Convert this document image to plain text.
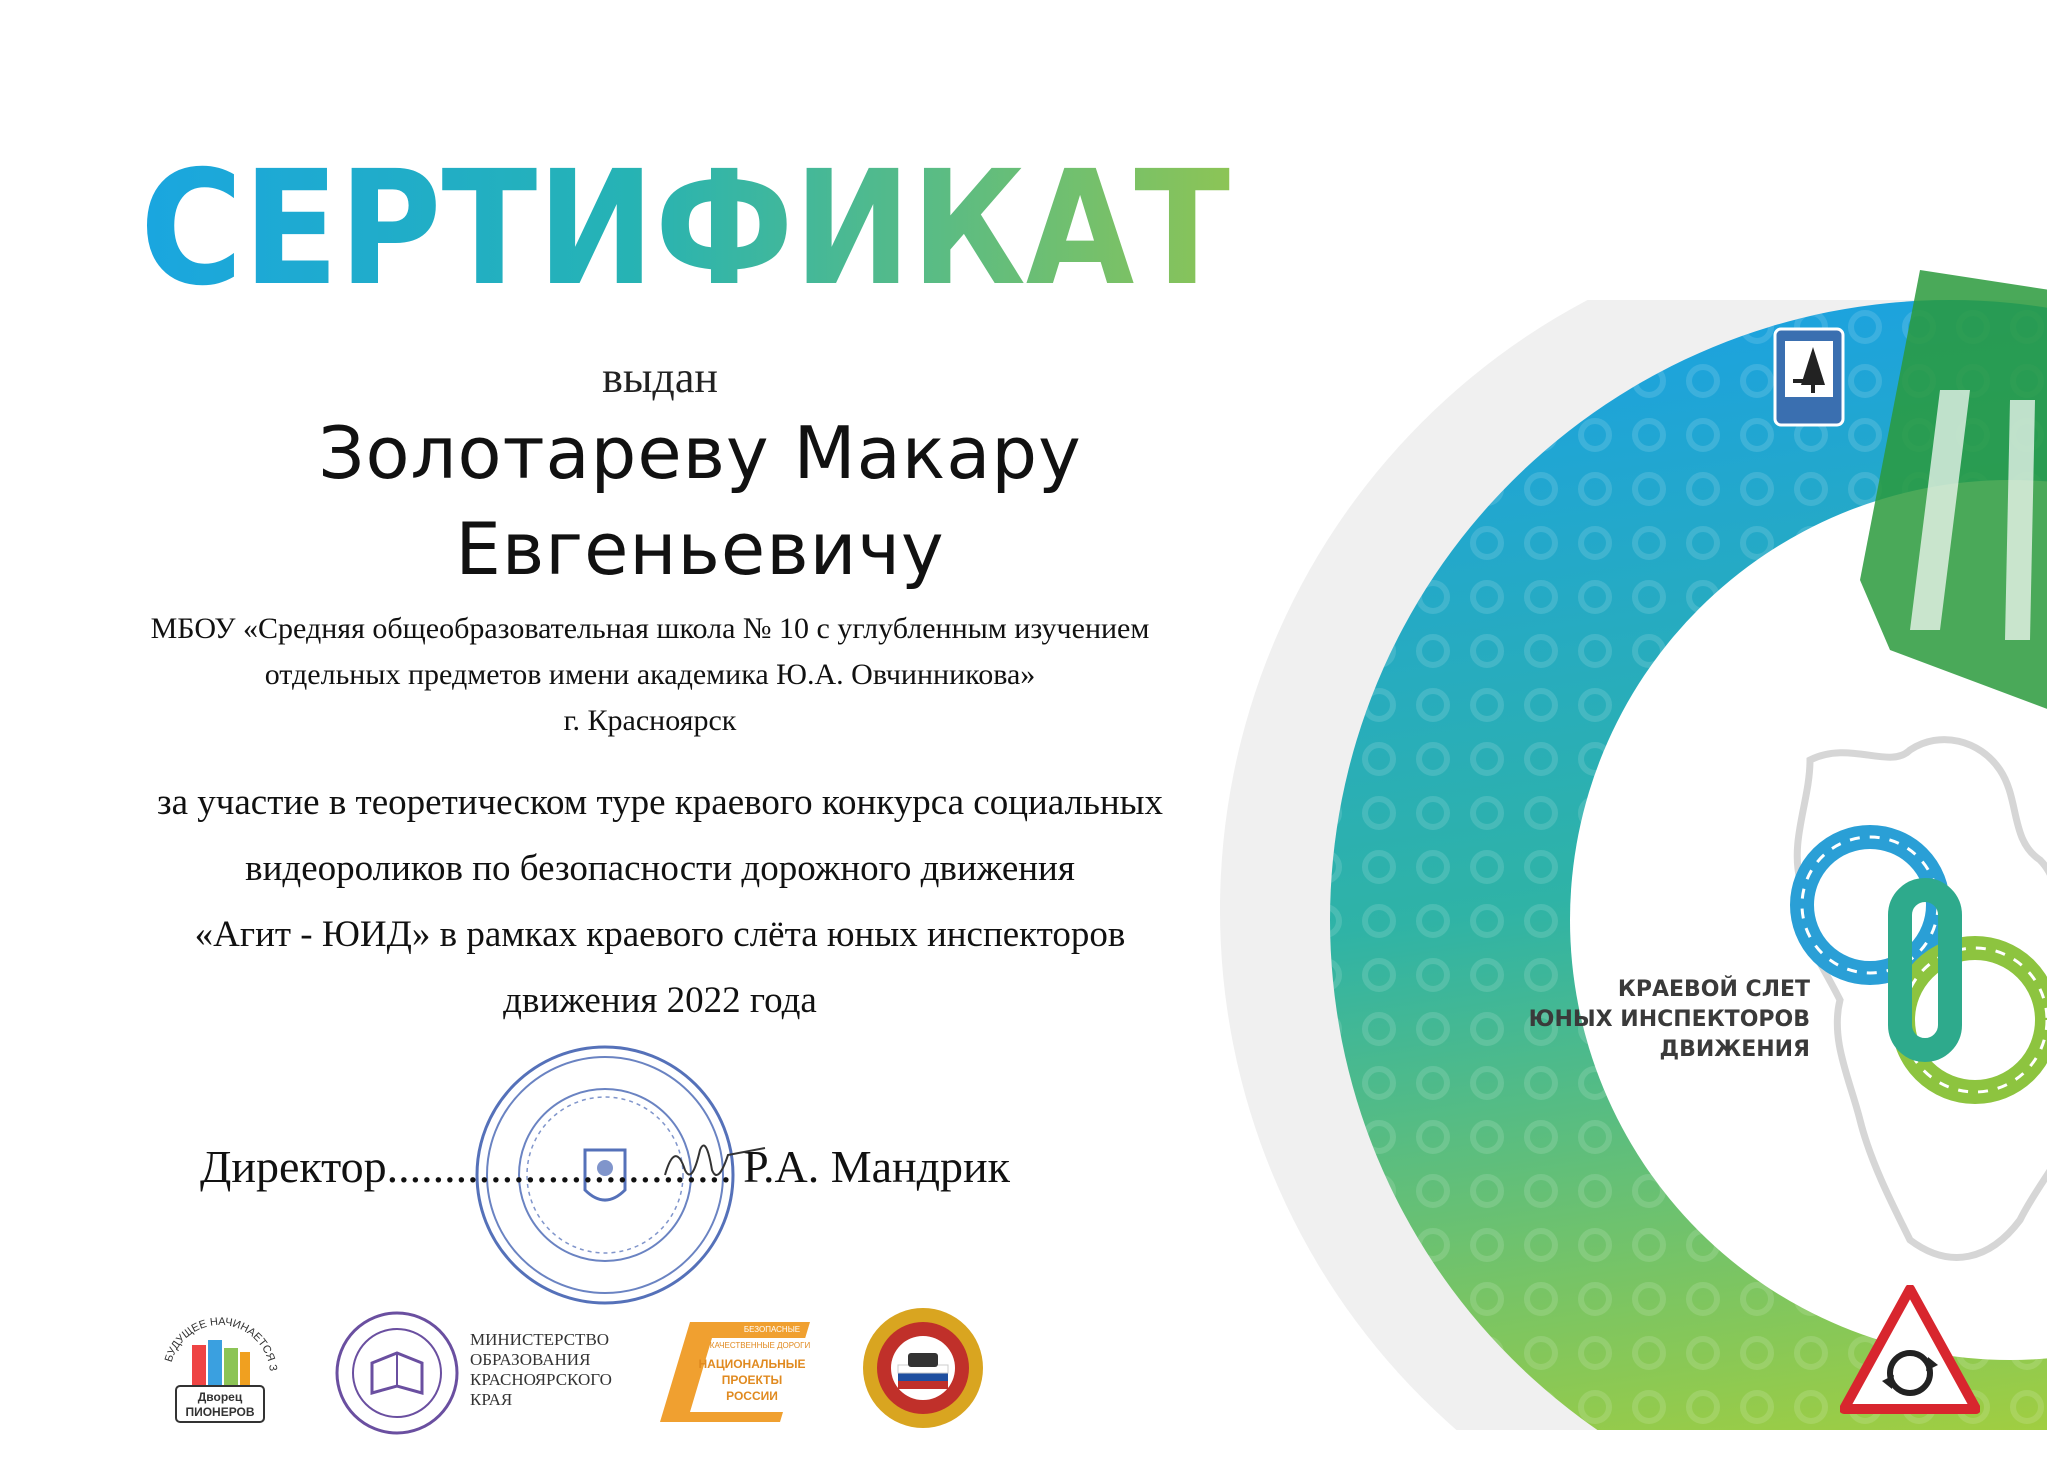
СЕРТИФИКАТ
выдан
Золотареву Макару
Евгеньевичу
МБОУ «Средняя общеобразовательная школа № 10 с углубленным изучением
отдельных предметов имени академика Ю.А. Овчинникова»
г. Красноярск
за участие в теоретическом туре краевого конкурса социальных
видеороликов по безопасности дорожного движения
«Агит - ЮИД» в рамках краевого слёта юных инспекторов
движения 2022 года	КРАЕВОЙ СЛЕТ
ЮНЫХ ИНСПЕКТОРОВ
ДВИЖЕНИЯ
Директор.............................. Р.А. Мандрик
БУДУЩЕЕ НАЧИНАЕТСЯ З
Дворец
ПИОНЕРОВ
МИНИСТЕРСТВО
ОБРАЗОВАНИЯ
КРАСНОЯРСКОГО
КРАЯ
БЕЗОПАСНЫЕ
КАЧЕСТВЕННЫЕ ДОРОГИ
НАЦИОНАЛЬНЫЕ
ПРОЕКТЫ
РОССИИ
